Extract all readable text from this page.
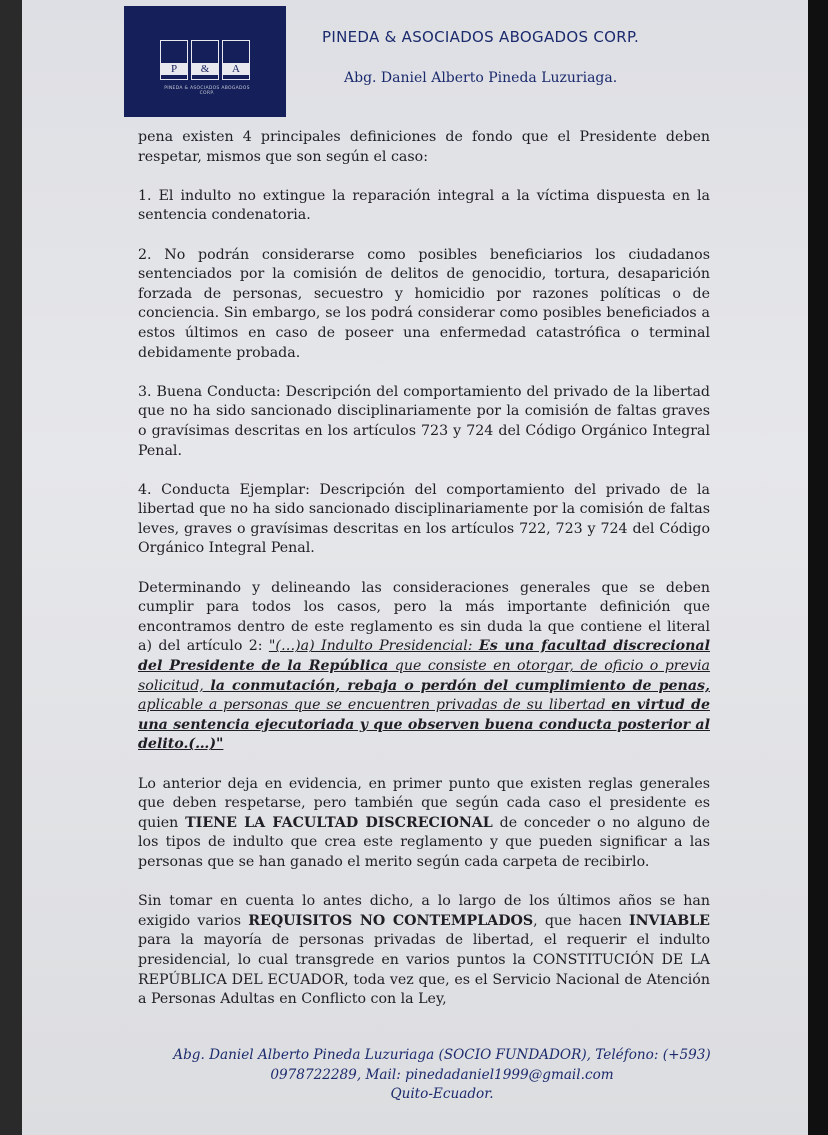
P	&	A
PINEDA & ASOCIADOS ABOGADOS CORP.
PINEDA & ASOCIADOS ABOGADOS CORP.
Abg. Daniel Alberto Pineda Luzuriaga.

pena existen 4 principales definiciones de fondo que el Presidente deben respetar, mismos que son según el caso:

1. El indulto no extingue la reparación integral a la víctima dispuesta en la sentencia condenatoria.

2. No podrán considerarse como posibles beneficiarios los ciudadanos sentenciados por la comisión de delitos de genocidio, tortura, desaparición forzada de personas, secuestro y homicidio por razones políticas o de conciencia. Sin embargo, se los podrá considerar como posibles beneficiados a estos últimos en caso de poseer una enfermedad catastrófica o terminal debidamente probada.

3. Buena Conducta: Descripción del comportamiento del privado de la libertad que no ha sido sancionado disciplinariamente por la comisión de faltas graves o gravísimas descritas en los artículos 723 y 724 del Código Orgánico Integral Penal.

4. Conducta Ejemplar: Descripción del comportamiento del privado de la libertad que no ha sido sancionado disciplinariamente por la comisión de faltas leves, graves o gravísimas descritas en los artículos 722, 723 y 724 del Código Orgánico Integral Penal.

Determinando y delineando las consideraciones generales que se deben cumplir para todos los casos, pero la más importante definición que encontramos dentro de este reglamento es sin duda la que contiene el literal a) del artículo 2: "(…)a) Indulto Presidencial: Es una facultad discrecional del Presidente de la República que consiste en otorgar, de oficio o previa solicitud, la conmutación, rebaja o perdón del cumplimiento de penas, aplicable a personas que se encuentren privadas de su libertad en virtud de una sentencia ejecutoriada y que observen buena conducta posterior al delito.(…)"

Lo anterior deja en evidencia, en primer punto que existen reglas generales que deben respetarse, pero también que según cada caso el presidente es quien TIENE LA FACULTAD DISCRECIONAL de conceder o no alguno de los tipos de indulto que crea este reglamento y que pueden significar a las personas que se han ganado el merito según cada carpeta de recibirlo.

Sin tomar en cuenta lo antes dicho, a lo largo de los últimos años se han exigido varios REQUISITOS NO CONTEMPLADOS, que hacen INVIABLE para la mayoría de personas privadas de libertad, el requerir el indulto presidencial, lo cual transgrede en varios puntos la CONSTITUCIÓN DE LA REPÚBLICA DEL ECUADOR, toda vez que, es el Servicio Nacional de Atención a Personas Adultas en Conflicto con la Ley,

Abg. Daniel Alberto Pineda Luzuriaga (SOCIO FUNDADOR), Teléfono: (+593)
0978722289, Mail: pinedadaniel1999@gmail.com
Quito-Ecuador.
